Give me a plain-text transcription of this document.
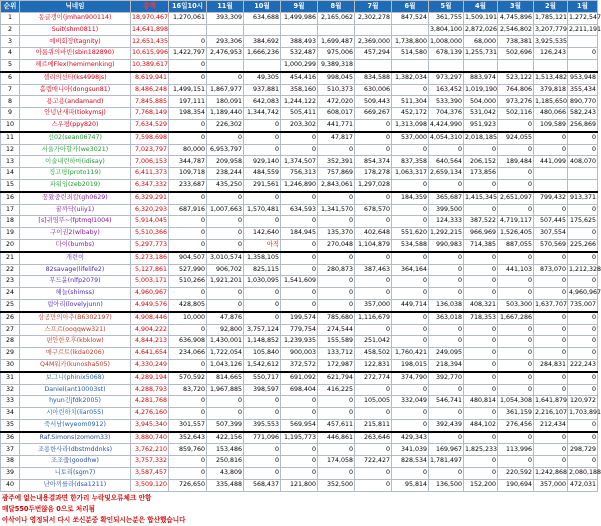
순위	닉네임	총액	16일10시	11월	10월	9월	8월	7월	6월	5월	4월	3월	2월	1월
1	동글갱이(jmhan900114)	18,970,467	1,270,061	393,309	634,688	1,499,986	2,165,062	2,302,278	847,524	361,755	1,509,191	4,745,896	1,785,121	1,272,547
2	Suit(shm0811)	14,641,898								3,804,100	2,872,026	2,546,802	3,207,779	2,211,191
3	예비회장(tagnity)	12,651,435	0	293,306	384,692	388,493	1,699,487	2,369,000	1,738,800	1,008,000	68,000	738,381	3,925,535	
4	아룸퀴의바빈(sbin182890)	10,615,996	1,422,797	2,476,953	1,666,236	532,487	975,006	457,294	514,580	678,139	1,255,731	502,696	126,243	0
5	헤르메Flex(hemimenking)	10,389,617	0			1,000,299	9,389,318							
6	셀리의선타(ks4998js)	8,619,941	0	0	49,305	454,416	998,045	834,588	1,382,034	973,297	883,974	523,122	1,513,482	953,948
7	홀렙매니아(dongsun81)	8,486,248	1,499,151	1,867,977	937,881	358,160	510,373	630,006	0	163,452	1,019,190	764,806	379,818	355,434
8	용고용(andamand)	7,845,885	197,111	180,091	642,083	1,244,122	472,020	509,443	511,304	533,390	504,000	973,276	1,185,650	890,770
9	안녕난새파(tiokymsj)	7,768,149	198,354	1,189,440	1,344,742	505,411	608,017	669,267	452,172	704,376	531,042	502,116	480,066	582,243
10	스우평(ppy820)	7,634,529	0	226,302	0	203,302	441,771	0	1,313,098	4,424,990	951,923	0	109,589	256,869
11	선02(sean06747)	7,598,698	0	0	0	0	47,817	0	537,000	4,054,310	2,018,185	924,055	0	0
12	서울가아할카(we3021)	7,023,797	80,000	6,953,797	0	0	0	0	0	0	0	0	0	0
13	이술내린하마(idisay)	7,006,153	344,787	209,958	929,140	1,374,507	352,391	854,374	837,358	640,564	206,152	189,484	441,099	408,070
14	징고평(proto119)	6,411,373	109,718	238,244	484,559	756,313	757,869	178,278	1,063,317	2,659,134	173,856	0		
15	파워임(zeb2019)	6,347,332	233,687	435,250	291,561	1,246,890	2,843,061	1,297,028	0	0	0	0		
16	꿍왔중린죄칼(gh0629)	6,329,291	0	0	0	0	0	0	184,359	365,687	1,415,345	2,651,097	799,432	913,371
17	꿀까닥(uiiy1)	6,320,293	687,916	1,007,663	1,570,481	634,593	1,341,570	678,570	0	399,500	0	0	0	0
18	[s]귀염뚜~(fptmql1004)	5,914,045	0	0	0	0	0	0	0	124,333	387,522	4,719,117	507,445	175,625
19	구이권2(wlbaby)	5,510,366	0	0	142,640	184,945	135,370	402,648	551,620	1,292,215	966,969	1,526,405	307,554	0
20	다이(bumbs)	5,297,773	0	0	아직	0	270,048	1,104,879	534,588	990,983	714,385	887,055	570,569	225,266
21	개련이	5,273,186	904,507	3,010,574	1,358,105	0	0	0	0	0	0	0	0	0
22	82savage(lifelife2)	5,127,861	527,990	906,702	825,115	0	280,873	387,463	364,164	0	0	441,103	873,070	1,212,328
23	무드윤(nlfp2079)	5,003,171	510,266	1,921,201	1,030,095	1,541,609	0	0	0	0	0	0	0	0
24	혜늘(shimss)	4,960,967	0	0	0	0	0	0	0	0	0	0	0	4,960,967
25	럽아리(lovelyjunn)	4,949,576	428,805	0	0	0	0	357,000	449,714	136,038	408,321	503,300	1,637,707	735,007
26	삼공만의아추(B6302197)	4,908,446	10,000	47,876	0	199,574	785,680	1,116,679	0	363,018	718,353	1,667,286	0	0
27	스프르(ooqqww321)	4,904,222	0	92,800	3,757,124	779,754	274,544	0	0	0	0	0	0	0
28	편안한오후(kbklow)	4,844,213	636,908	1,430,001	1,148,852	1,239,935	155,589	251,042	0	0	0	0	0	0
29	매구르트(lkda0206)	4,641,654	234,066	1,722,054	105,840	900,003	133,712	458,502	1,760,421	249,095	0	0	0	0
30	Q4M워카(kunosha505)	4,330,249	0	1,043,126	1,542,612	372,572	172,987	122,831	198,015	218,394	0	0	284,831	222,243
31	보그니(phinix5068)	4,289,194	570,592	814,665	550,717	691,092	621,794	272,774	374,790	392,770	0	0	0	0
32	Daniel(ant10003st)	4,288,793	83,720	1,967,885	398,597	698,404	416,225	0	0	0	0	0	0	0
33	hyun긴jfdk2005)	4,281,768	0	0	0	0	0	105,005	332,049	546,741	480,814	1,054,308	1,641,879	120,972
34	시아린하치(liar055)	4,276,160	0	0	0	0	0	0	0	0	0	361,159	2,216,107	1,703,891
35	죽서남(wyeom0912)	3,945,340	301,557	507,399	395,553	569,954	457,611	215,811	0	392,439	484,102	276,456	212,434	0
36	Raf.Simons(zomom33)	3,880,740	352,643	422,156	771,096	1,195,773	446,861	263,646	429,343	0	0	0	0	0
37	조용한사라(dbstmddnks)	3,762,210	859,760	153,486	0	0	0	0	341,039	169,967	1,825,233	113,996	0	298,729
38	조조줍(goodhw)	3,757,332	0	250,816	0	0	174,058	722,427	828,534	1,781,497	0	0	0	0
39	니토리(sgm7)	3,587,457	0	43,809	0	0	0	0	0	0	0	220,592	1,242,868	2,080,188
40	난아끼를라(dsa1211)	3,509,120	726,650	335,488	568,437	121,800	352,500	0	95,814	136,500	152,200	190,694	357,000	472,031
광주에 없는내용결과면 한가리 누락및오류체크 안함
매달550두번않음 0으로 처리됨
아삭이나 영정되서 다시 쏘신분중 확인되시는분은 합산했습니다
